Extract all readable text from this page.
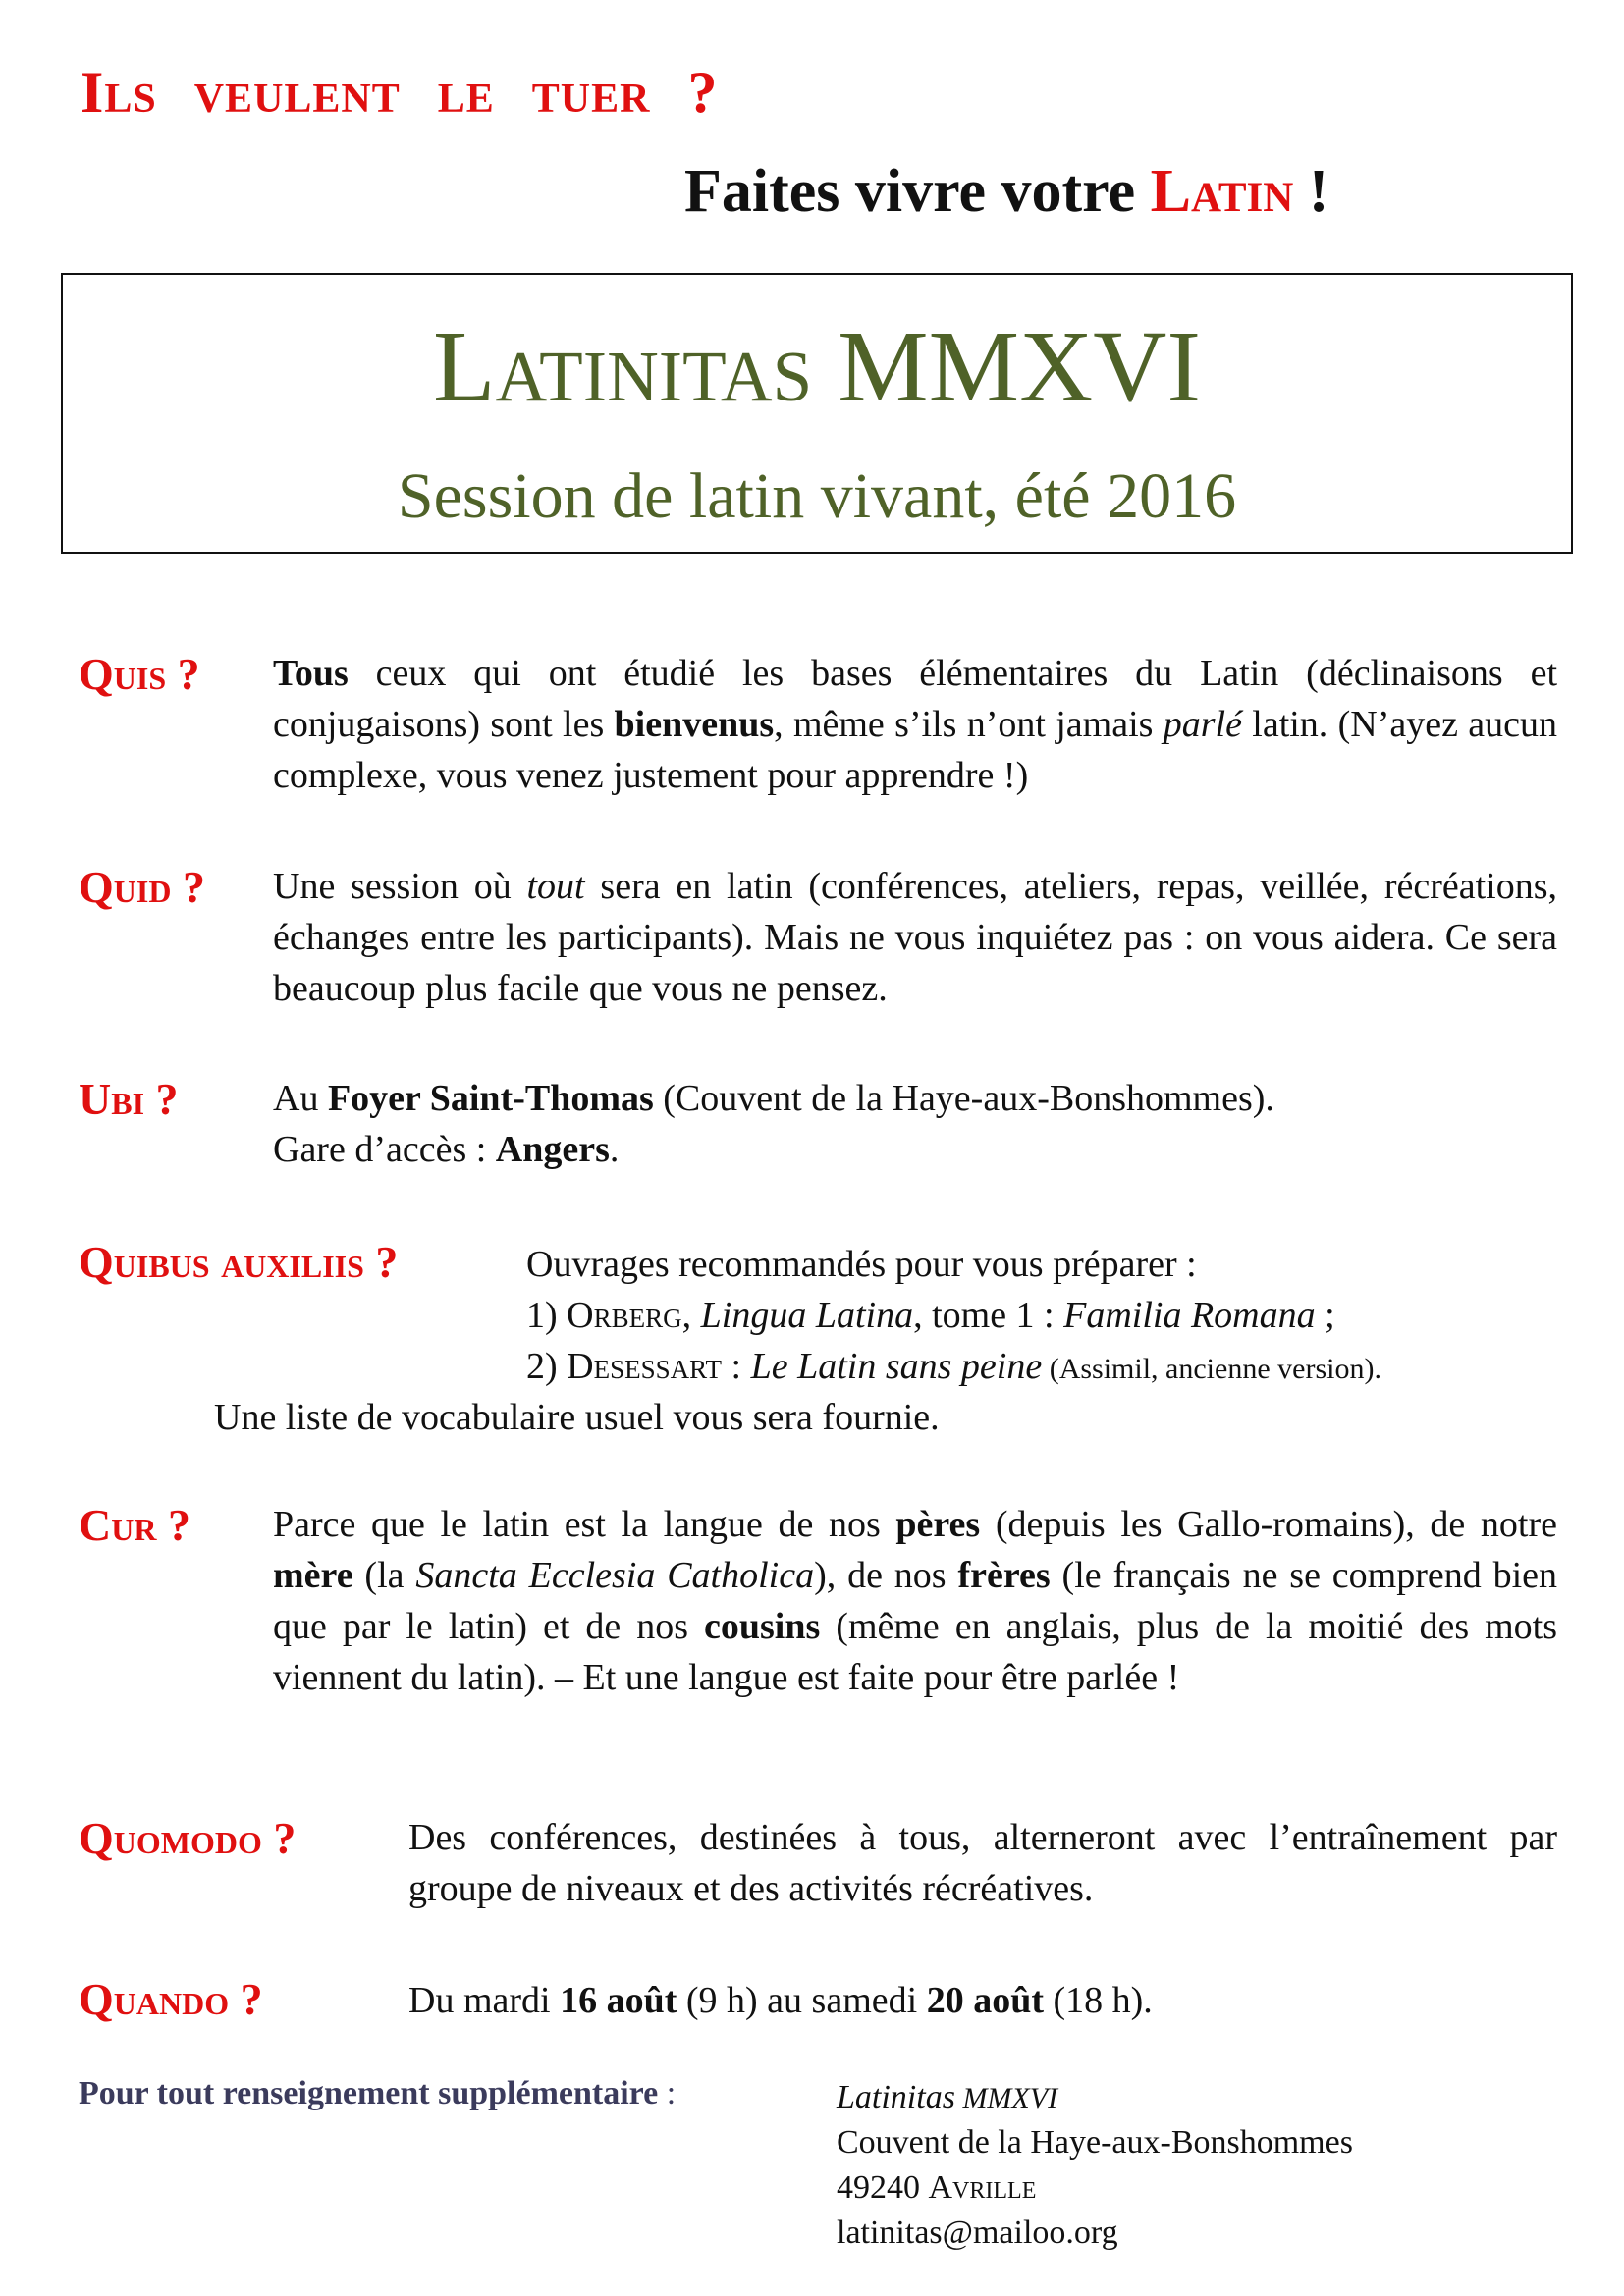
Ils veulent le tuer ?
Faites vivre votre Latin !
Latinitas MMXVI
Session de latin vivant, été 2016
Quis ? Tous ceux qui ont étudié les bases élémentaires du Latin (déclinaisons et conjugaisons) sont les bienvenus, même s’ils n’ont jamais parlé latin. (N’ayez aucun complexe, vous venez justement pour apprendre !)
Quid ? Une session où tout sera en latin (conférences, ateliers, repas, veillée, récréations, échanges entre les participants). Mais ne vous inquiétez pas : on vous aidera. Ce sera beaucoup plus facile que vous ne pensez.
Ubi ?	Au Foyer Saint-Thomas (Couvent de la Haye-aux-Bonshommes).
Gare d’accès : Angers.
Quibus auxiliis ?	Ouvrages recommandés pour vous préparer :
1) Orberg, Lingua Latina, tome 1 : Familia Romana ;
2) Desessart : Le Latin sans peine (Assimil, ancienne version).
Une liste de vocabulaire usuel vous sera fournie.
Cur ? Parce que le latin est la langue de nos pères (depuis les Gallo-romains), de notre mère (la Sancta Ecclesia Catholica), de nos frères (le français ne se comprend bien que par le latin) et de nos cousins (même en anglais, plus de la moitié des mots viennent du latin). – Et une langue est faite pour être parlée !
Quomodo ?	Des conférences, destinées à tous, alterneront avec l’entraînement par groupe de niveaux et des activités récréatives.
Quando ?	Du mardi 16 août (9 h) au samedi 20 août (18 h).
Pour tout renseignement supplémentaire :	Latinitas MMXVI
Couvent de la Haye-aux-Bonshommes
49240 Avrille
latinitas@mailoo.org
